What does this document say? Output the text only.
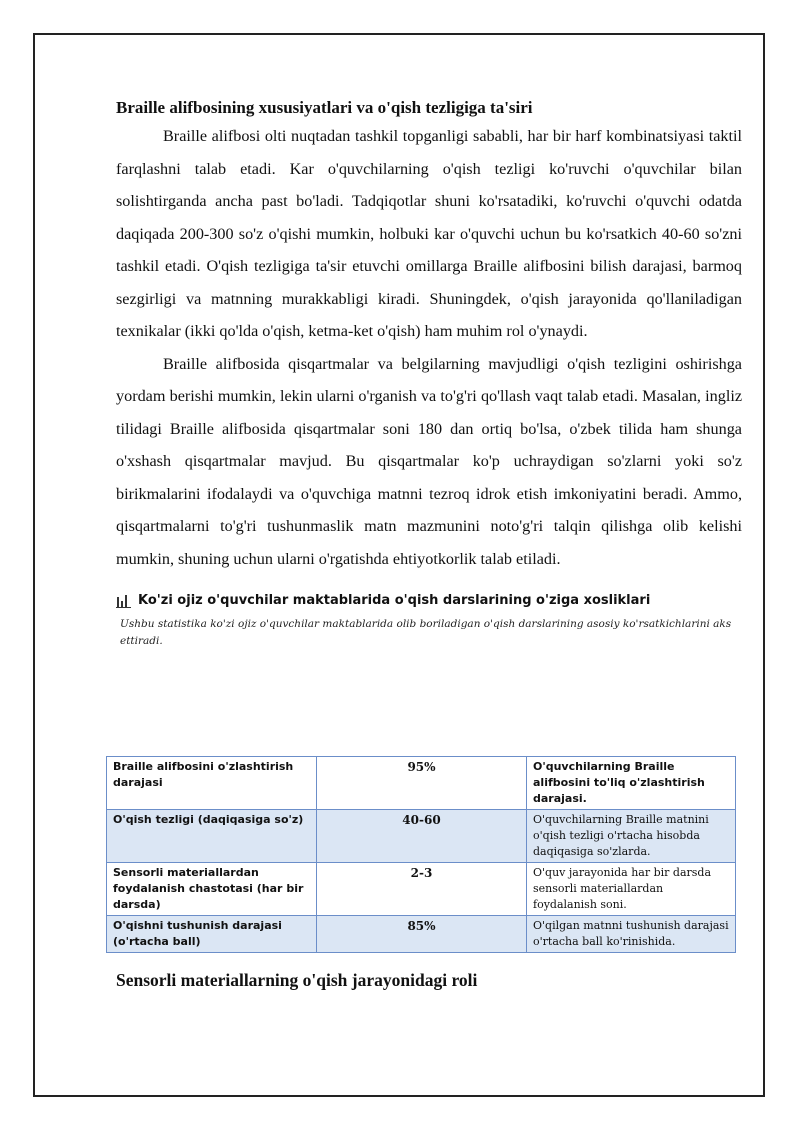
Braille alifbosining xususiyatlari va o'qish tezligiga ta'siri

Braille alifbosi olti nuqtadan tashkil topganligi sababli, har bir harf kombinatsiyasi taktil farqlashni talab etadi. Kar o'quvchilarning o'qish tezligi ko'ruvchi o'quvchilar bilan solishtirganda ancha past bo'ladi. Tadqiqotlar shuni ko'rsatadiki, ko'ruvchi o'quvchi odatda daqiqada 200-300 so'z o'qishi mumkin, holbuki kar o'quvchi uchun bu ko'rsatkich 40-60 so'zni tashkil etadi. O'qish tezligiga ta'sir etuvchi omillarga Braille alifbosini bilish darajasi, barmoq sezgirligi va matnning murakkabligi kiradi. Shuningdek, o'qish jarayonida qo'llaniladigan texnikalar (ikki qo'lda o'qish, ketma-ket o'qish) ham muhim rol o'ynaydi.

Braille alifbosida qisqartmalar va belgilarning mavjudligi o'qish tezligini oshirishga yordam berishi mumkin, lekin ularni o'rganish va to'g'ri qo'llash vaqt talab etadi. Masalan, ingliz tilidagi Braille alifbosida qisqartmalar soni 180 dan ortiq bo'lsa, o'zbek tilida ham shunga o'xshash qisqartmalar mavjud. Bu qisqartmalar ko'p uchraydigan so'zlarni yoki so'z birikmalarini ifodalaydi va o'quvchiga matnni tezroq idrok etish imkoniyatini beradi. Ammo, qisqartmalarni to'g'ri tushunmaslik matn mazmunini noto'g'ri talqin qilishga olib kelishi mumkin, shuning uchun ularni o'rgatishda ehtiyotkorlik talab etiladi.

Ko'zi ojiz o'quvchilar maktablarida o'qish darslarining o'ziga xosliklari
Ushbu statistika ko'zi ojiz o'quvchilar maktablarida olib boriladigan o'qish darslarining asosiy ko'rsatkichlarini aks ettiradi.
Braille alifbosini o'zlashtirish darajasi	95%	O'quvchilarning Braille alifbosini to'liq o'zlashtirish darajasi.
O'qish tezligi (daqiqasiga so'z)	40-60	O'quvchilarning Braille matnini o'qish tezligi o'rtacha hisobda daqiqasiga so'zlarda.
Sensorli materiallardan foydalanish chastotasi (har bir darsda)	2-3	O'quv jarayonida har bir darsda sensorli materiallardan foydalanish soni.
O'qishni tushunish darajasi (o'rtacha ball)	85%	O'qilgan matnni tushunish darajasi o'rtacha ball ko'rinishida.
Sensorli materiallarning o'qish jarayonidagi roli
